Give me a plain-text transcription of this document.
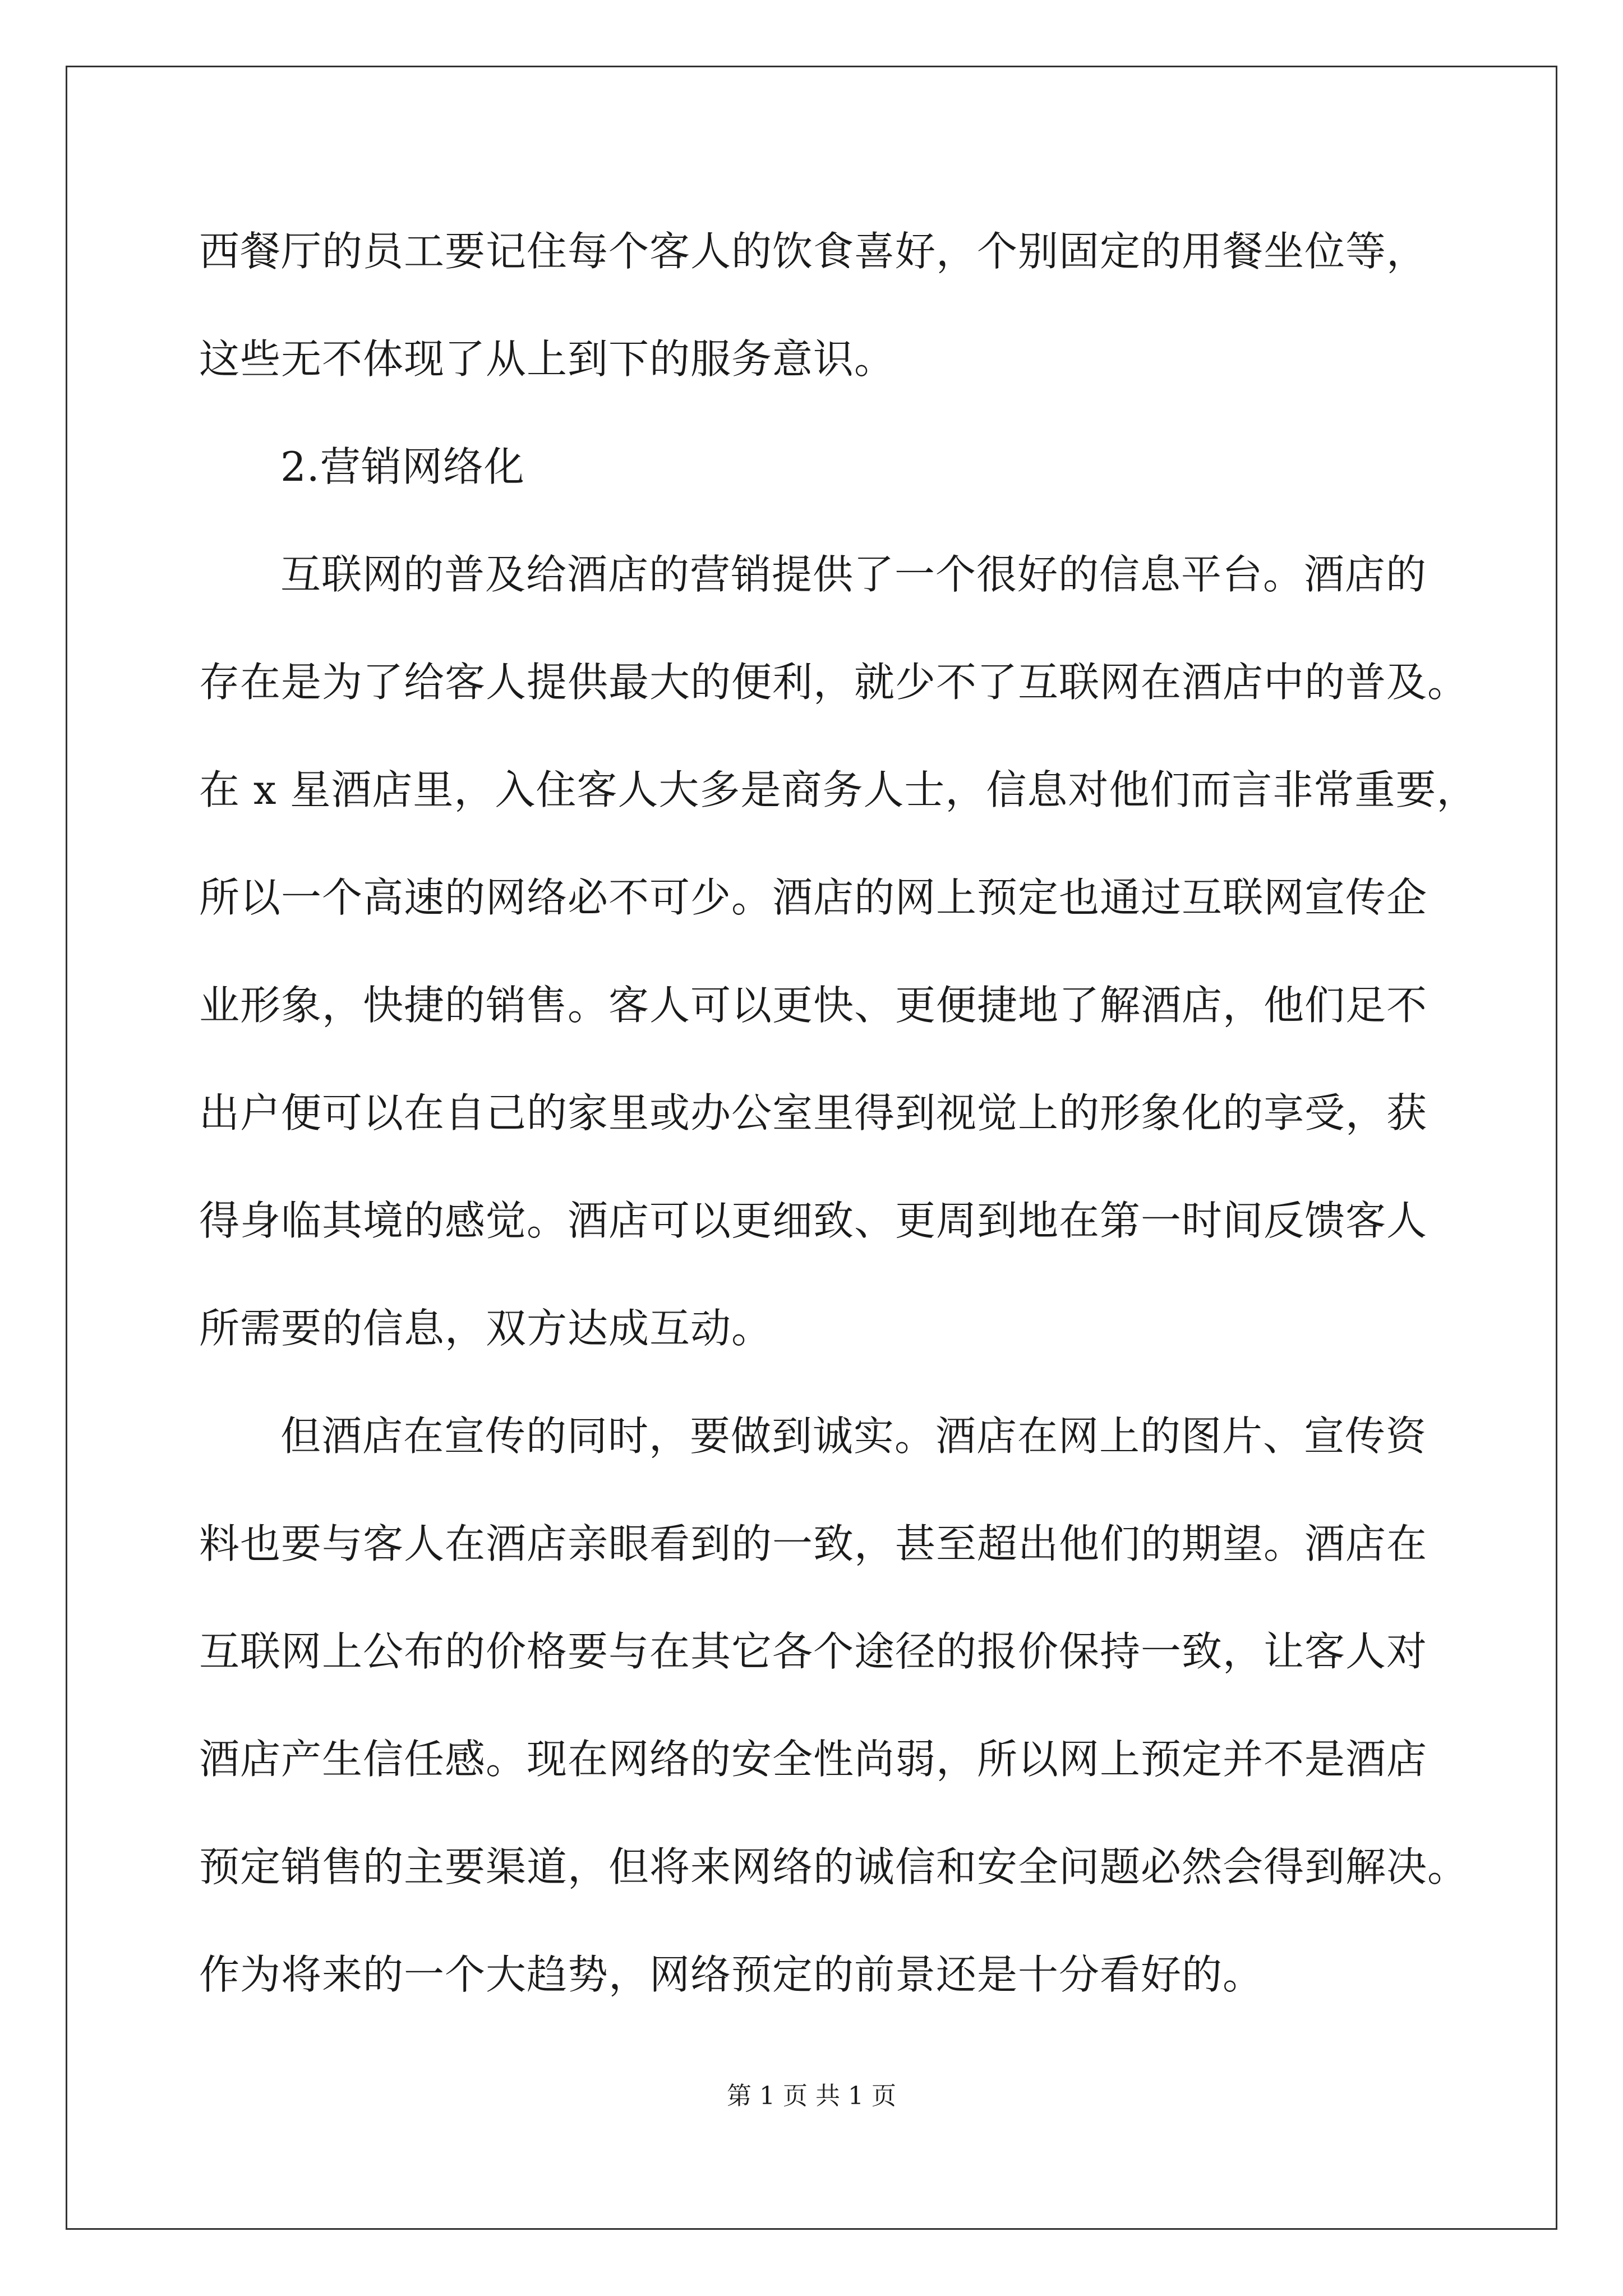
西餐厅的员工要记住每个客人的饮食喜好，个别固定的用餐坐位等，
这些无不体现了从上到下的服务意识。
2.营销网络化
互联网的普及给酒店的营销提供了一个很好的信息平台。酒店的
存在是为了给客人提供最大的便利，就少不了互联网在酒店中的普及。
在 x 星酒店里，入住客人大多是商务人士，信息对他们而言非常重要，
所以一个高速的网络必不可少。酒店的网上预定也通过互联网宣传企
业形象，快捷的销售。客人可以更快、更便捷地了解酒店，他们足不
出户便可以在自己的家里或办公室里得到视觉上的形象化的享受，获
得身临其境的感觉。酒店可以更细致、更周到地在第一时间反馈客人
所需要的信息，双方达成互动。
但酒店在宣传的同时，要做到诚实。酒店在网上的图片、宣传资
料也要与客人在酒店亲眼看到的一致，甚至超出他们的期望。酒店在
互联网上公布的价格要与在其它各个途径的报价保持一致，让客人对
酒店产生信任感。现在网络的安全性尚弱，所以网上预定并不是酒店
预定销售的主要渠道，但将来网络的诚信和安全问题必然会得到解决。
作为将来的一个大趋势，网络预定的前景还是十分看好的。
第 1 页 共 1 页
